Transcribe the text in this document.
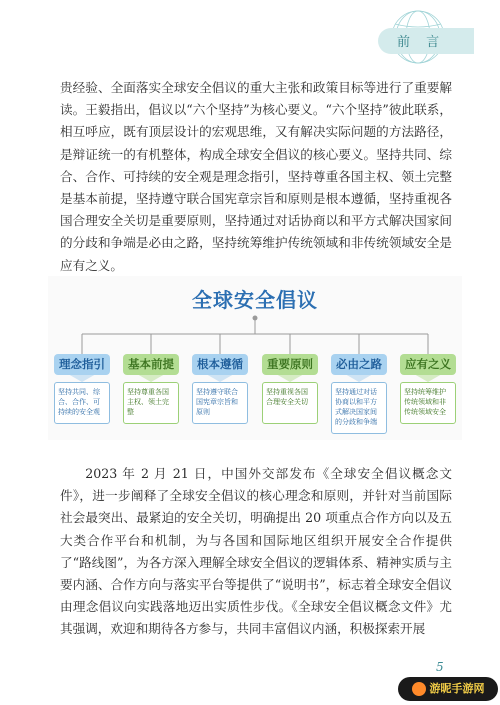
前 言

贵经验、全面落实全球安全倡议的重大主张和政策目标等进行了重要解读。王毅指出，倡议以“六个坚持”为核心要义。“六个坚持”彼此联系，相互呼应，既有顶层设计的宏观思维，又有解决实际问题的方法路径，是辩证统一的有机整体，构成全球安全倡议的核心要义。坚持共同、综合、合作、可持续的安全观是理念指引，坚持尊重各国主权、领土完整是基本前提，坚持遵守联合国宪章宗旨和原则是根本遵循，坚持重视各国合理安全关切是重要原则，坚持通过对话协商以和平方式解决国家间的分歧和争端是必由之路，坚持统筹维护传统领域和非传统领域安全是应有之义。

全球安全倡议
理念指引	基本前提	根本遵循	重要原则	必由之路	应有之义
坚持共同、综合、合作、可持续的安全观
坚持尊重各国主权、领土完整
坚持遵守联合国宪章宗旨和原则
坚持重视各国合理安全关切
坚持通过对话协商以和平方式解决国家间的分歧和争端
坚持统筹维护传统领域和非传统领域安全

2023 年 2 月 21 日，中国外交部发布《全球安全倡议概念文件》，进一步阐释了全球安全倡议的核心理念和原则，并针对当前国际社会最突出、最紧迫的安全关切，明确提出 20 项重点合作方向以及五大类合作平台和机制，为与各国和国际地区组织开展安全合作提供了“路线图”，为各方深入理解全球安全倡议的逻辑体系、精神实质与主要内涵、合作方向与落实平台等提供了“说明书”，标志着全球安全倡议由理念倡议向实践落地迈出实质性步伐。《全球安全倡议概念文件》尤其强调，欢迎和期待各方参与，共同丰富倡议内涵，积极探索开展

5
游昵手游网
